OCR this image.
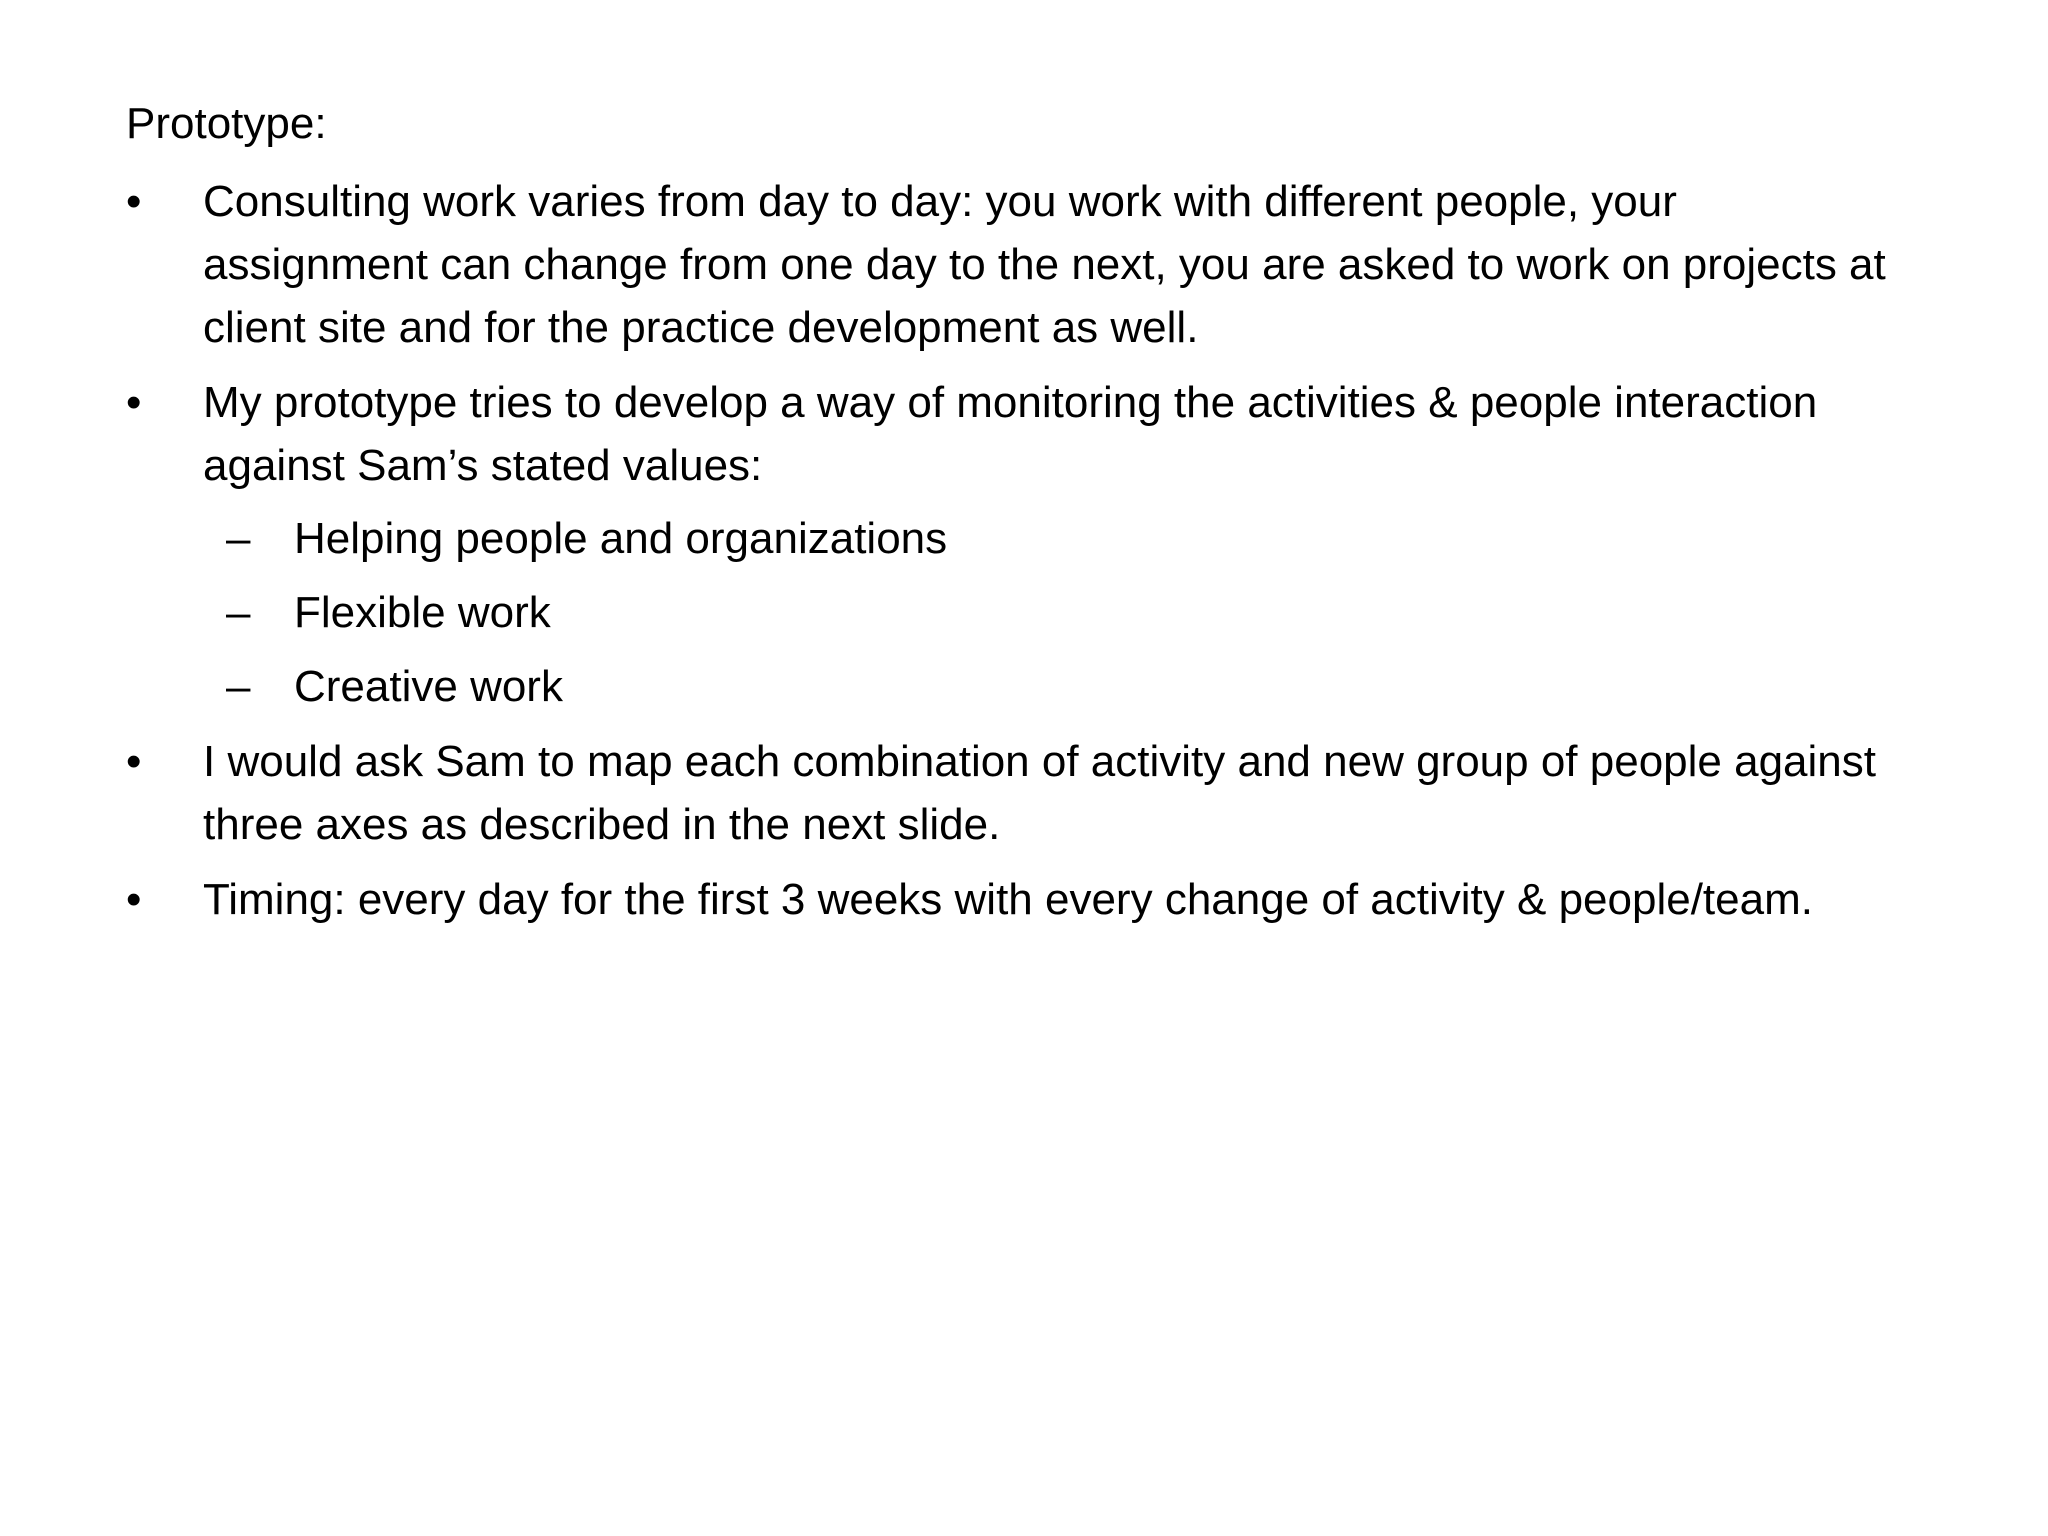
Prototype:
•	Consulting work varies from day to day: you work with different people, your assignment can change from one day to the next, you are asked to work on projects at client site and for the practice development as well.
•	My prototype tries to develop a way of monitoring the activities & people interaction against Sam’s stated values:
– Helping people and organizations
– Flexible work
– Creative work
•	I would ask Sam to map each combination of activity and new group of people against three axes as described in the next slide.
•	Timing: every day for the first 3 weeks with every change of activity & people/team.
